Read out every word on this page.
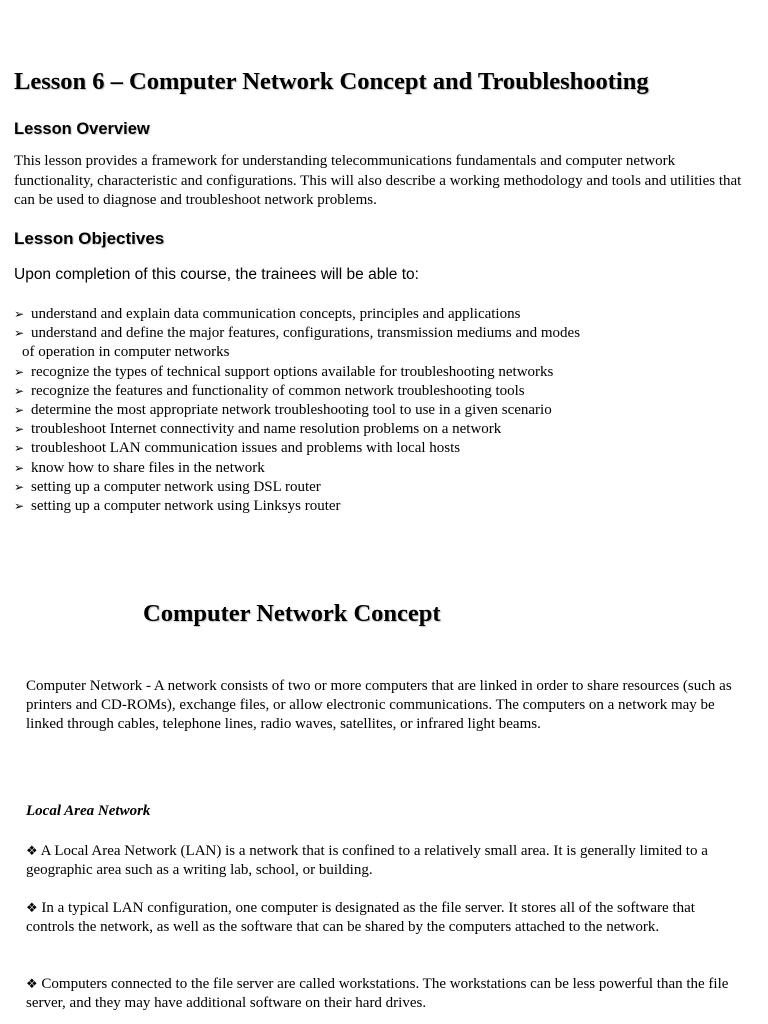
Lesson 6 – Computer Network Concept and Troubleshooting
Lesson Overview

This lesson provides a framework for understanding telecommunications fundamentals and computer network functionality, characteristic and configurations. This will also describe a working methodology and tools and utilities that can be used to diagnose and troubleshoot network problems.

Lesson Objectives

Upon completion of this course, the trainees will be able to:

➢ understand and explain data communication concepts, principles and applications
➢ understand and define the major features, configurations, transmission mediums and modes
of operation in computer networks
➢ recognize the types of technical support options available for troubleshooting networks
➢ recognize the features and functionality of common network troubleshooting tools
➢ determine the most appropriate network troubleshooting tool to use in a given scenario
➢ troubleshoot Internet connectivity and name resolution problems on a network
➢ troubleshoot LAN communication issues and problems with local hosts
➢ know how to share files in the network
➢ setting up a computer network using DSL router
➢ setting up a computer network using Linksys router
Computer Network Concept

Computer Network - A network consists of two or more computers that are linked in order to share resources (such as printers and CD-ROMs), exchange files, or allow electronic communications. The computers on a network may be linked through cables, telephone lines, radio waves, satellites, or infrared light beams.

Local Area Network

❖ A Local Area Network (LAN) is a network that is confined to a relatively small area. It is generally limited to a geographic area such as a writing lab, school, or building.

❖ In a typical LAN configuration, one computer is designated as the file server. It stores all of the software that controls the network, as well as the software that can be shared by the computers attached to the network.

❖ Computers connected to the file server are called workstations. The workstations can be less powerful than the file server, and they may have additional software on their hard drives.
